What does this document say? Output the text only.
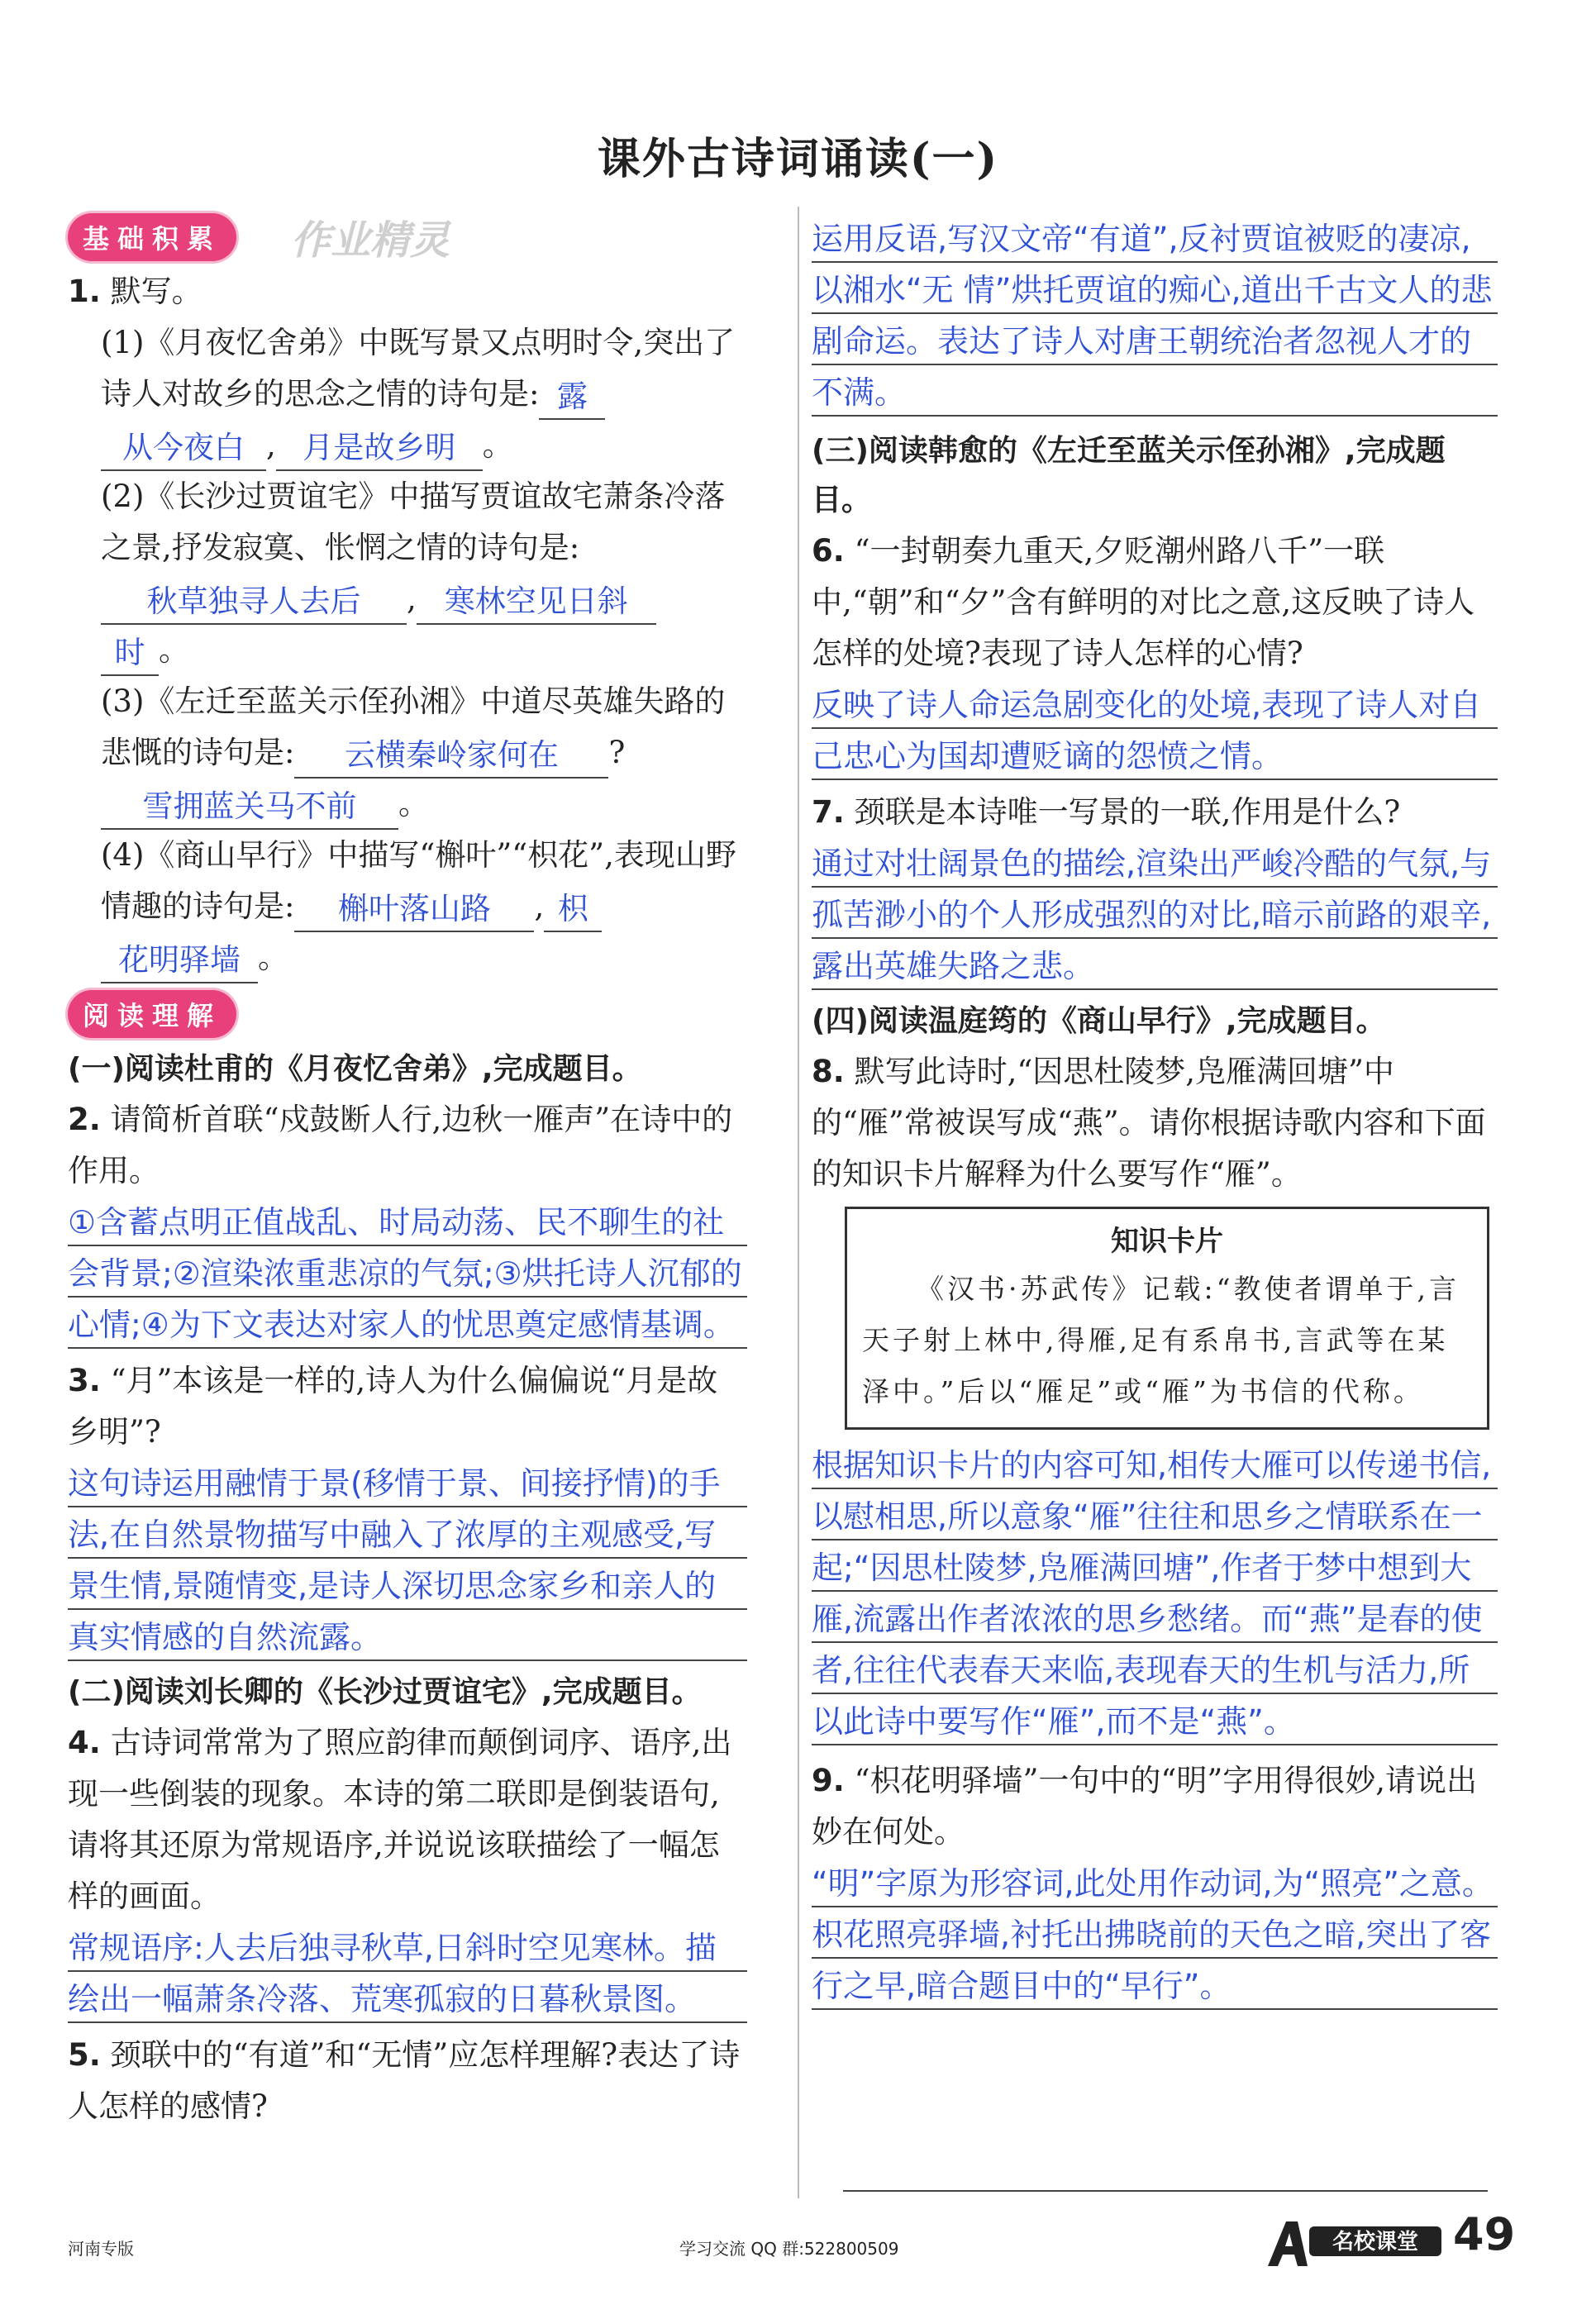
课外古诗词诵读(一)
基础积累 作业精灵

1. 默写。

(1)《月夜忆舍弟》中既写景又点明时令,突出了诗人对故乡的思念之情的诗句是: 露
从今夜白 , 月是故乡明 。

(2)《长沙过贾谊宅》中描写贾谊故宅萧条冷落之景,抒发寂寞、怅惘之情的诗句是:
秋草独寻人去后 , 寒林空见日斜
时 。

(3)《左迁至蓝关示侄孙湘》中道尽英雄失路的悲慨的诗句是: 云横秦岭家何在 ?
雪拥蓝关马不前 。

(4)《商山早行》中描写“槲叶”“枳花”,表现山野情趣的诗句是: 槲叶落山路 , 枳
花明驿墙 。

阅读理解

(一)阅读杜甫的《月夜忆舍弟》,完成题目。

2. 请简析首联“戍鼓断人行,边秋一雁声”在诗中的作用。

①含蓄点明正值战乱、时局动荡、民不聊生的社会背景;②渲染浓重悲凉的气氛;③烘托诗人沉郁的心情;④为下文表达对家人的忧思奠定感情基调。

3. “月”本该是一样的,诗人为什么偏偏说“月是故乡明”?

这句诗运用融情于景(移情于景、间接抒情)的手法,在自然景物描写中融入了浓厚的主观感受,写景生情,景随情变,是诗人深切思念家乡和亲人的真实情感的自然流露。

(二)阅读刘长卿的《长沙过贾谊宅》,完成题目。

4. 古诗词常常为了照应韵律而颠倒词序、语序,出现一些倒装的现象。本诗的第二联即是倒装语句,请将其还原为常规语序,并说说该联描绘了一幅怎样的画面。

常规语序:人去后独寻秋草,日斜时空见寒林。描绘出一幅萧条冷落、荒寒孤寂的日暮秋景图。

5. 颈联中的“有道”和“无情”应怎样理解?表达了诗人怎样的感情?

运用反语,写汉文帝“有道”,反衬贾谊被贬的凄凉,以湘水“无 情”烘托贾谊的痴心,道出千古文人的悲剧命运。表达了诗人对唐王朝统治者忽视人才的不满。

(三)阅读韩愈的《左迁至蓝关示侄孙湘》,完成题目。

6. “一封朝奏九重天,夕贬潮州路八千”一联中,“朝”和“夕”含有鲜明的对比之意,这反映了诗人怎样的处境?表现了诗人怎样的心情?

反映了诗人命运急剧变化的处境,表现了诗人对自己忠心为国却遭贬谪的怨愤之情。

7. 颈联是本诗唯一写景的一联,作用是什么?

通过对壮阔景色的描绘,渲染出严峻冷酷的气氛,与孤苦渺小的个人形成强烈的对比,暗示前路的艰辛,露出英雄失路之悲。

(四)阅读温庭筠的《商山早行》,完成题目。

8. 默写此诗时,“因思杜陵梦,凫雁满回塘”中的“雁”常被误写成“燕”。请你根据诗歌内容和下面的知识卡片解释为什么要写作“雁”。

知识卡片
《汉书·苏武传》记载:“教使者谓单于,言天子射上林中,得雁,足有系帛书,言武等在某泽中。”后以“雁足”或“雁”为书信的代称。

根据知识卡片的内容可知,相传大雁可以传递书信,以慰相思,所以意象“雁”往往和思乡之情联系在一起;“因思杜陵梦,凫雁满回塘”,作者于梦中想到大雁,流露出作者浓浓的思乡愁绪。而“燕”是春的使者,往往代表春天来临,表现春天的生机与活力,所以此诗中要写作“雁”,而不是“燕”。

9. “枳花明驿墙”一句中的“明”字用得很妙,请说出妙在何处。

“明”字原为形容词,此处用作动词,为“照亮”之意。枳花照亮驿墙,衬托出拂晓前的天色之暗,突出了客行之早,暗合题目中的“早行”。

河南专版	学习交流 QQ 群:522800509	名校课堂 49
